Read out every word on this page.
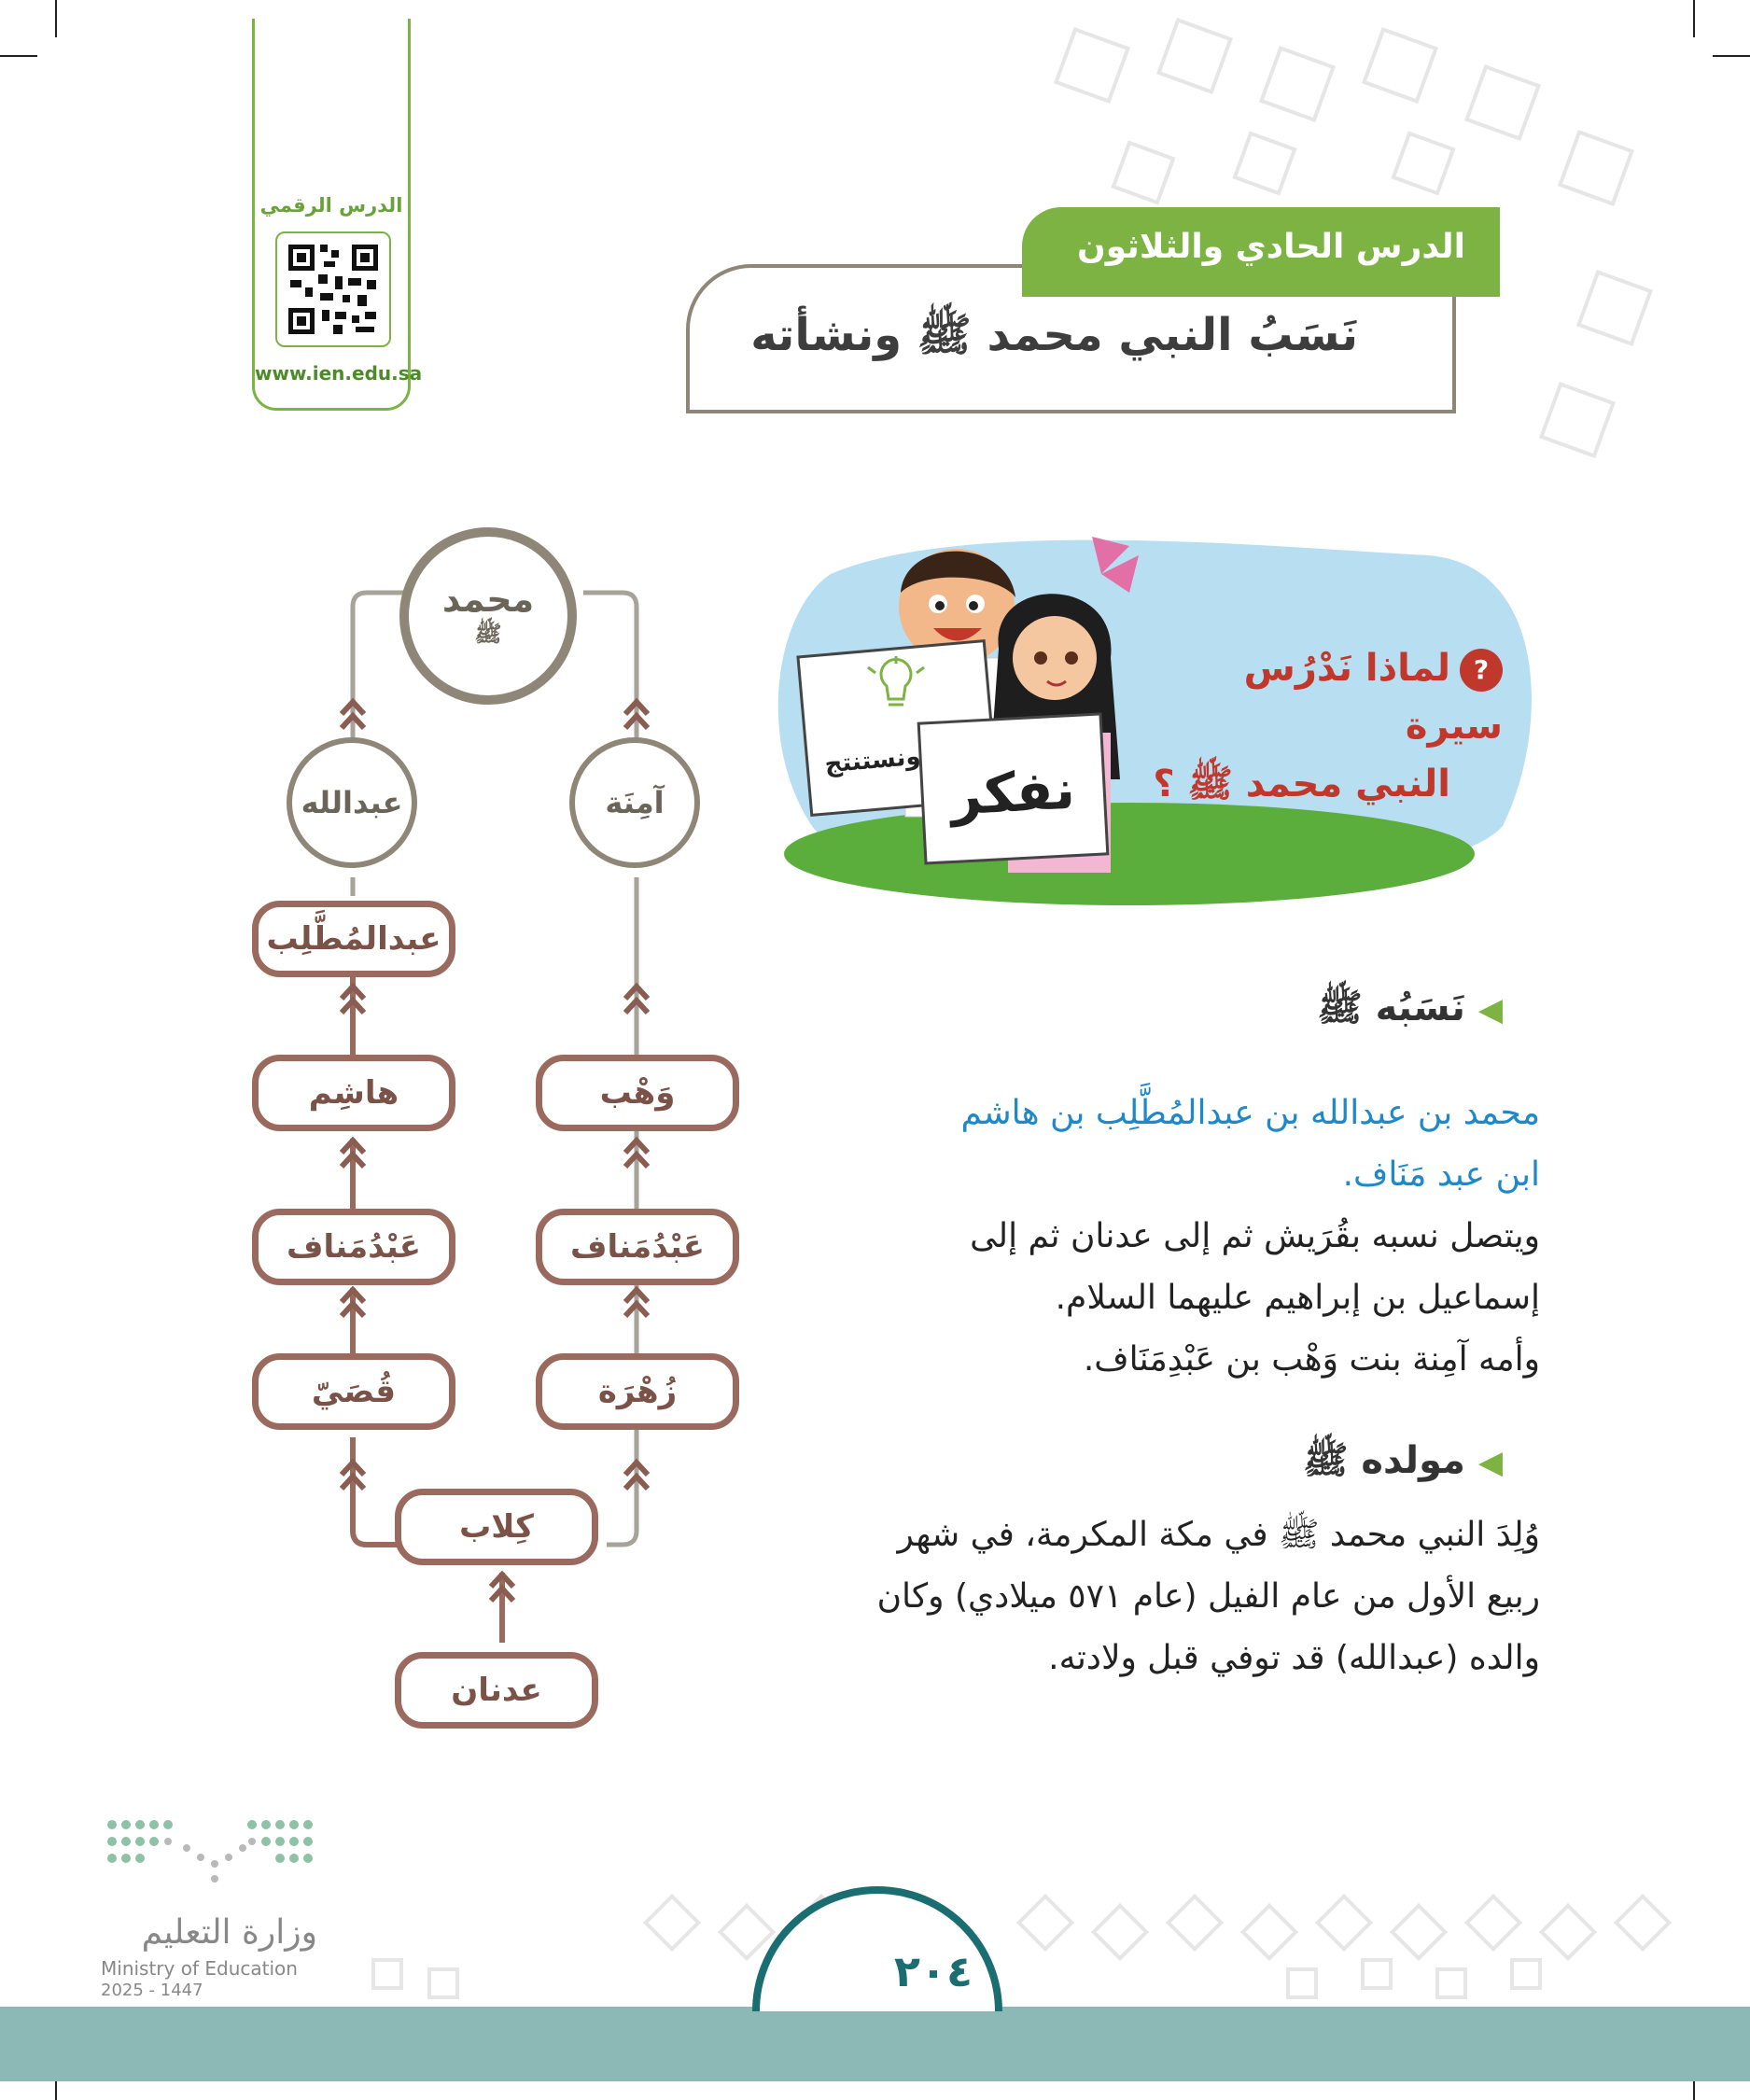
الدرس الرقمي
www.ien.edu.sa
الدرس الحادي والثلاثون
نَسَبُ النبي محمد ﷺ ونشأته
ونستنتج نفكر
?لماذا نَدْرُس سيرة
النبي محمد ﷺ ؟
محمد
ﷺ
عبدالله	آمِنَة
عبدالمُطَّلِب
هاشِم
عَبْدُمَناف
قُصَيّ
وَهْب
عَبْدُمَناف
زُهْرَة
كِلاب
عدنان
◀ نَسَبُه ﷺ
محمد بن عبدالله بن عبدالمُطَّلِب بن هاشم
ابن عبد مَنَاف.
ويتصل نسبه بقُرَيش ثم إلى عدنان ثم إلى
إسماعيل بن إبراهيم عليهما السلام.
وأمه آمِنة بنت وَهْب بن عَبْدِمَنَاف.
◀ مولده ﷺ
وُلِدَ النبي محمد ﷺ في مكة المكرمة، في شهر
ربيع الأول من عام الفيل (عام ٥٧١ ميلادي) وكان
والده (عبدالله) قد توفي قبل ولادته.
٢٠٤
وزارة التعليم
Ministry of Education
2025 - 1447
